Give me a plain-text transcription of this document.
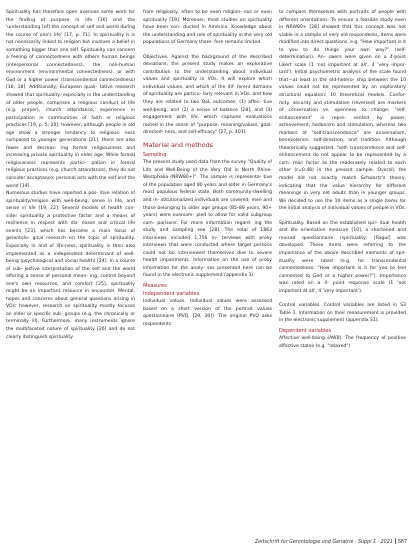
Spirituality has therefore open avenues some work for the finding of purpose in life [16] and the 'understanding [of] the concept of self and world during the course of one's life' [17, p. 71]. In spirituality it is not necessarily linked to religion but involves a belief in something bigger than one self. Spirituality can concern a feeling of connectedness with others human beings (interpersonal connectedness), the non-human environment (environmental connectedness), or with God or a higher power (transcendental connectedness) [10, 18]. Additionally, European quali- tative research showed that spirituality, especially in the understanding of older people, comprises a religious conduct of life (e.g. prayer), church attendance, experience in participation in communities of faith or religious practices [19, p. 5; 20]; however, although people in old age show a stronger tendency to religious- ness compared to younger generations [21], there are also fewer and decreas- ing formal religiousness and increasing private spirituality in older age. While formal religiousness represents partici- pation in formal religious practices (e.g. church attendance), they do not consider acceptance; personal acts with the self and the world [19].

Numerous studies have reported a pos- itive relation of spirituality/religion with well-being, sense in life, and sense in life [19, 22]. Several models of health con- sider spirituality a protective factor and a means of resilience in respect with dis- eases and critical life events [23], which has become a main focus of gerontolo- gical research on the topic of spirituality. Especially in and of life-ness, spirituality is then also implemented as a independent determinant of well-being (psychological and social health) [24]. In a course of sub- jective interpretation of the self and the world offering a sense of personal mean- ing, control beyond one's own resources, and comfort [25], spirituality might be an important resource in encounter. Mental, hopes and concerns about general questions arising in VOs; however, research on spirituality mostly focuses on older or specific sub- groups (e.g. the chronically or terminally ill). Furthermore, many instruments ignore the multifaceted nature of spirituality [26] and do not clearly distinguish spirituality

from religiosity, often to be even religion- ous or even spirituality [19]. Moreover, most studies on spirituality have been con- ducted in America. Knowledge about the understanding and role of spirituality in the very old populations of Germany there- fore remains limited.

Objectives. Against the background of the described deviations, the present study makes an explorative contribution to the understanding about individual values and spirituality in VOs. It will explore which individual values, and which of the dif- ferent domains of spirituality are particu- larly relevant in VOs, and how they are related to two QoL outcomes: (1) affec- tive well-being, and (2) a sense of balance [28], and (3) engagement with life, which captures evaluations rooted in the sense of "purpose, meaning/values, goal-directed- ness, and self-efficacy" [27, p. 401].

Material and methods
Sampling

The present study used data from the survey "Quality of Life and Well-Being of the Very Old in North Rhine-Westphalia (NRW80+)". The sample is representa- tive of the population aged 80 years and older in Germany's most populous federal state. Both community-dwelling and in- stitutionalized individuals are covered; men and those belonging to older age groups (85–89 years, 90+ years) were oversam- pled to allow for valid subgroup com- parisons. For more information regard- ing the study and sampling see [28]. The total of 1863 interviews included 1,756 in- terviews with proxy interviews that were conducted where target persons could not be interviewed themselves due to severe health impairments. Information on the use of proxy information for the analy- ses presented here can be found in the electronic supplement (appendix 3).

Measures
Independent variables

Individual values. Individual values were assessed based on a short version of the portrait values questionnaire (PVQ, [29, 30]). The original PVQ asks respondents

to compare themselves with portraits of people with different orientations. To ensure a feasible study even in NRW80+ [28] showed that this concept was not viable in a sample of very old respondents, items were modified into direct questions, e.g. "How important is it to you to do things your own way?" (self-determination). An- swers were given on a 4-point Likert scale (1 'not important at all', 4 'very impor- tant'). Initial psychometric analysis of the scale found that—at least in the old-hetero- ship between the 10 values could not be represented by an exploratory structural equation; 10 theoretical models. Confor- mity, security and stimulation (reversed) are markers of conservation vs. openness to change; "self-enhancement" is repre- sented by power, achievement, hedonism and stimulation, whereas two markers of "self-transcendence" are universalism, benevolence, self-direction, and tradition. Although theoretically suggested, "self- transcendence and self-enhancement do not appear to be represented by a com- mon factor as the moderately related to each other (r=0.48) in the present sample. Overall, the model did not exactly match Schwartz's theory, indicating that the value hierarchy for different meanings in very old adults than in younger groups. We decided to use the 10 items as a single items for the initial analysis of individual values of people in VOs.

Spirituality. Based on the established spir- itual health and life orientation measure [10], a shortened and revised questionnaire (spirituality; [Ragul] was developed. These items were referring to the importance of the above described elements of spir- ituality were rated (e.g. for transcendental connectedness: "How important is it for you to feel connected to God or a higher power?"). Importance was rated on a 4- point response scale (1 'not important at all', 4 'very important').

Control variables. Control variables are listed in S3 Table 1. Information on their measurement is provided in the electronic supplement (appendix S1).

Dependent variables

Affective well-being (AWB). The frequency of positive affective states (e.g. "relaxed")

Zeitschrift für Gerontologie und Geriatrie · Suppl 1 · 2021 S87
